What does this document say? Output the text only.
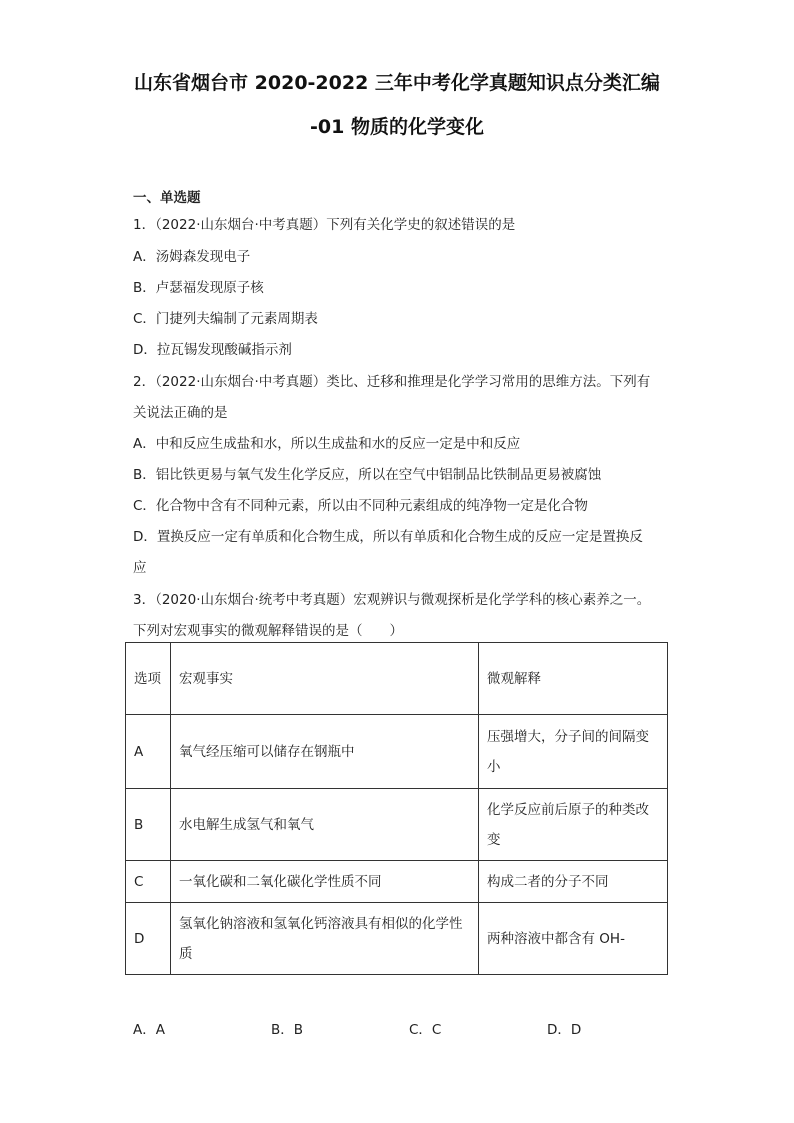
山东省烟台市 2020-2022 三年中考化学真题知识点分类汇编
-01 物质的化学变化
一、单选题
1．（2022·山东烟台·中考真题）下列有关化学史的叙述错误的是
A．汤姆森发现电子
B．卢瑟福发现原子核
C．门捷列夫编制了元素周期表
D．拉瓦锡发现酸碱指示剂
2．（2022·山东烟台·中考真题）类比、迁移和推理是化学学习常用的思维方法。下列有
关说法正确的是
A．中和反应生成盐和水，所以生成盐和水的反应一定是中和反应
B．铝比铁更易与氧气发生化学反应，所以在空气中铝制品比铁制品更易被腐蚀
C．化合物中含有不同种元素，所以由不同种元素组成的纯净物一定是化合物
D．置换反应一定有单质和化合物生成，所以有单质和化合物生成的反应一定是置换反
应
3．（2020·山东烟台·统考中考真题）宏观辨识与微观探析是化学学科的核心素养之一。
下列对宏观事实的微观解释错误的是（　　）
选项	宏观事实	微观解释
A	氧气经压缩可以储存在钢瓶中	压强增大，分子间的间隔变小
B	水电解生成氢气和氧气	化学反应前后原子的种类改变
C	一氧化碳和二氧化碳化学性质不同	构成二者的分子不同
D	氢氧化钠溶液和氢氧化钙溶液具有相似的化学性质	两种溶液中都含有 OH-
A．A	B．B	C．C	D．D
